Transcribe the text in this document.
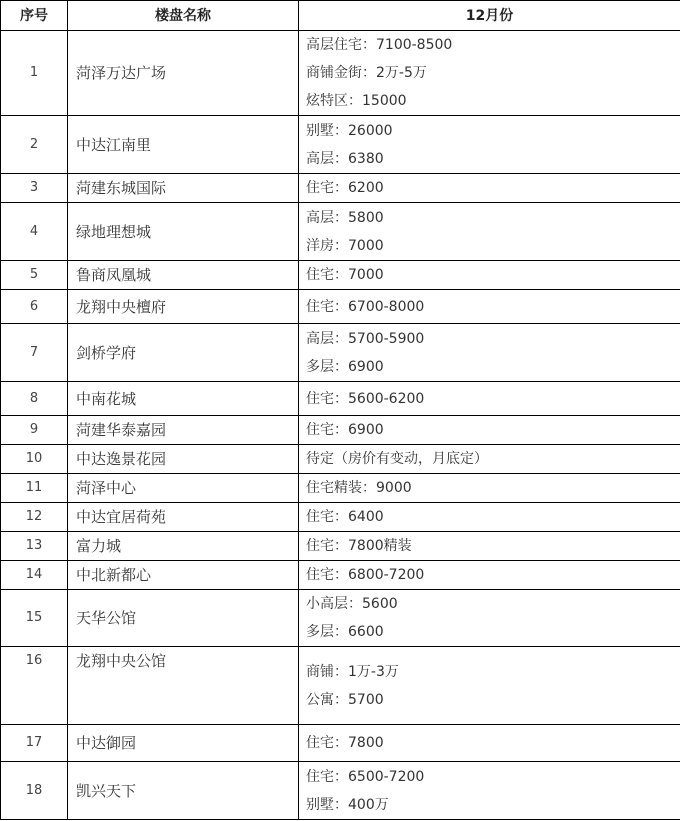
序号	楼盘名称	12月份
1	菏泽万达广场	高层住宅：7100-8500
商铺金街：2万-5万
炫特区：15000

2	中达江南里	别墅：26000
高层：6380

3	菏建东城国际	住宅：6200

4	绿地理想城	高层：5800
洋房：7000

5	鲁商凤凰城	住宅：7000

6	龙翔中央檀府	住宅：6700-8000

7	剑桥学府	高层：5700-5900
多层：6900

8	中南花城	住宅：5600-6200

9	菏建华泰嘉园	住宅：6900

10	中达逸景花园	待定（房价有变动，月底定）

11	菏泽中心	住宅精装：9000

12	中达宜居荷苑	住宅：6400

13	富力城	住宅：7800精装

14	中北新都心	住宅：6800-7200

15	天华公馆	小高层：5600
多层：6600

16	龙翔中央公馆	商铺：1万-3万
公寓：5700

17	中达御园	住宅：7800

18	凯兴天下	住宅：6500-7200
别墅：400万
